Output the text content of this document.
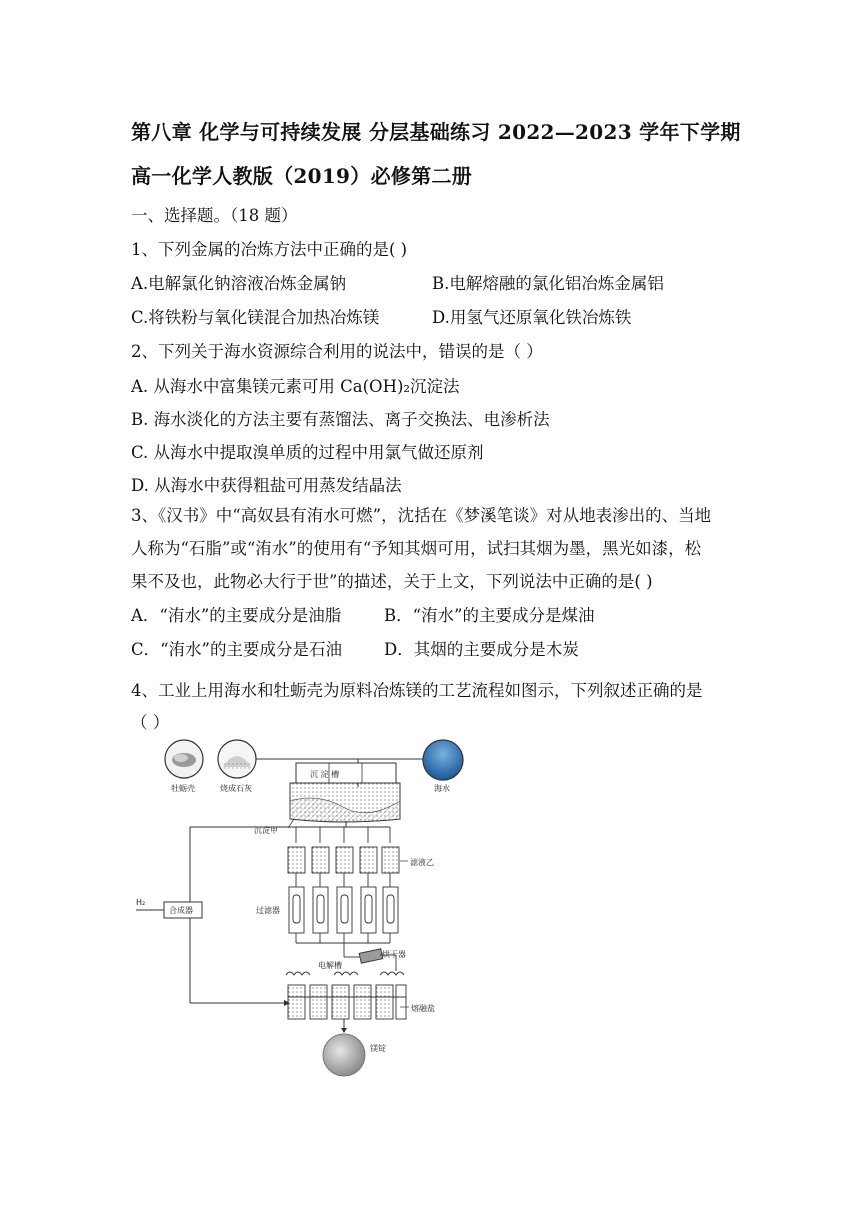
第八章 化学与可持续发展 分层基础练习 2022—2023 学年下学期
高一化学人教版（2019）必修第二册
一、选择题。（18 题）
1、下列金属的冶炼方法中正确的是( )
A.电解氯化钠溶液冶炼金属钠	B.电解熔融的氯化铝冶炼金属铝
C.将铁粉与氧化镁混合加热冶炼镁	D.用氢气还原氧化铁冶炼铁
2、下列关于海水资源综合利用的说法中，错误的是（ ）
A. 从海水中富集镁元素可用 Ca(OH)₂沉淀法
B. 海水淡化的方法主要有蒸馏法、离子交换法、电渗析法
C. 从海水中提取溴单质的过程中用氯气做还原剂
D. 从海水中获得粗盐可用蒸发结晶法
3、《汉书》中“高奴县有洧水可燃”，沈括在《梦溪笔谈》对从地表渗出的、当地
人称为“石脂”或“洧水”的使用有“予知其烟可用，试扫其烟为墨，黑光如漆，松
果不及也，此物必大行于世”的描述，关于上文，下列说法中正确的是( )
A．“洧水”的主要成分是油脂	B．“洧水”的主要成分是煤油
C．“洧水”的主要成分是石油	D．其烟的主要成分是木炭
4、工业上用海水和牡蛎壳为原料冶炼镁的工艺流程如图示，下列叙述正确的是
（ ）
牡蛎壳	烧成石灰	海水
沉 淀 槽
沉淀甲
滤液乙
过滤器
烘干器
电解槽
H₂
合成器
熔融盐
镁锭
